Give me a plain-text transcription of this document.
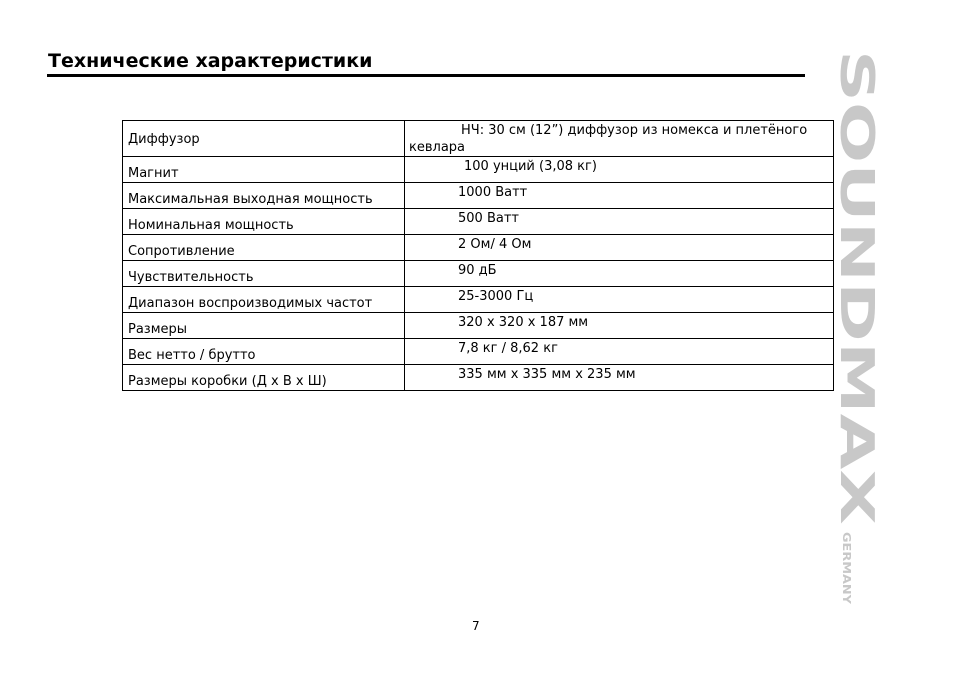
Технические характеристики
Диффузор	НЧ: 30 см (12”) диффузор из номекса и плетёного кевлара

Магнит	100 унций (3,08 кг)

Максимальная выходная мощность	1000 Ватт

Номинальная мощность	500 Ватт

Сопротивление	2 Ом/ 4 Ом

Чувствительность	90 дБ

Диапазон воспроизводимых частот	25-3000 Гц

Размеры	320 x 320 x 187 мм

Вес нетто / брутто	7,8 кг / 8,62 кг

Размеры коробки (Д x В x Ш)	335 мм x 335 мм x 235 мм
SOUNDMAX
GERMANY
7
